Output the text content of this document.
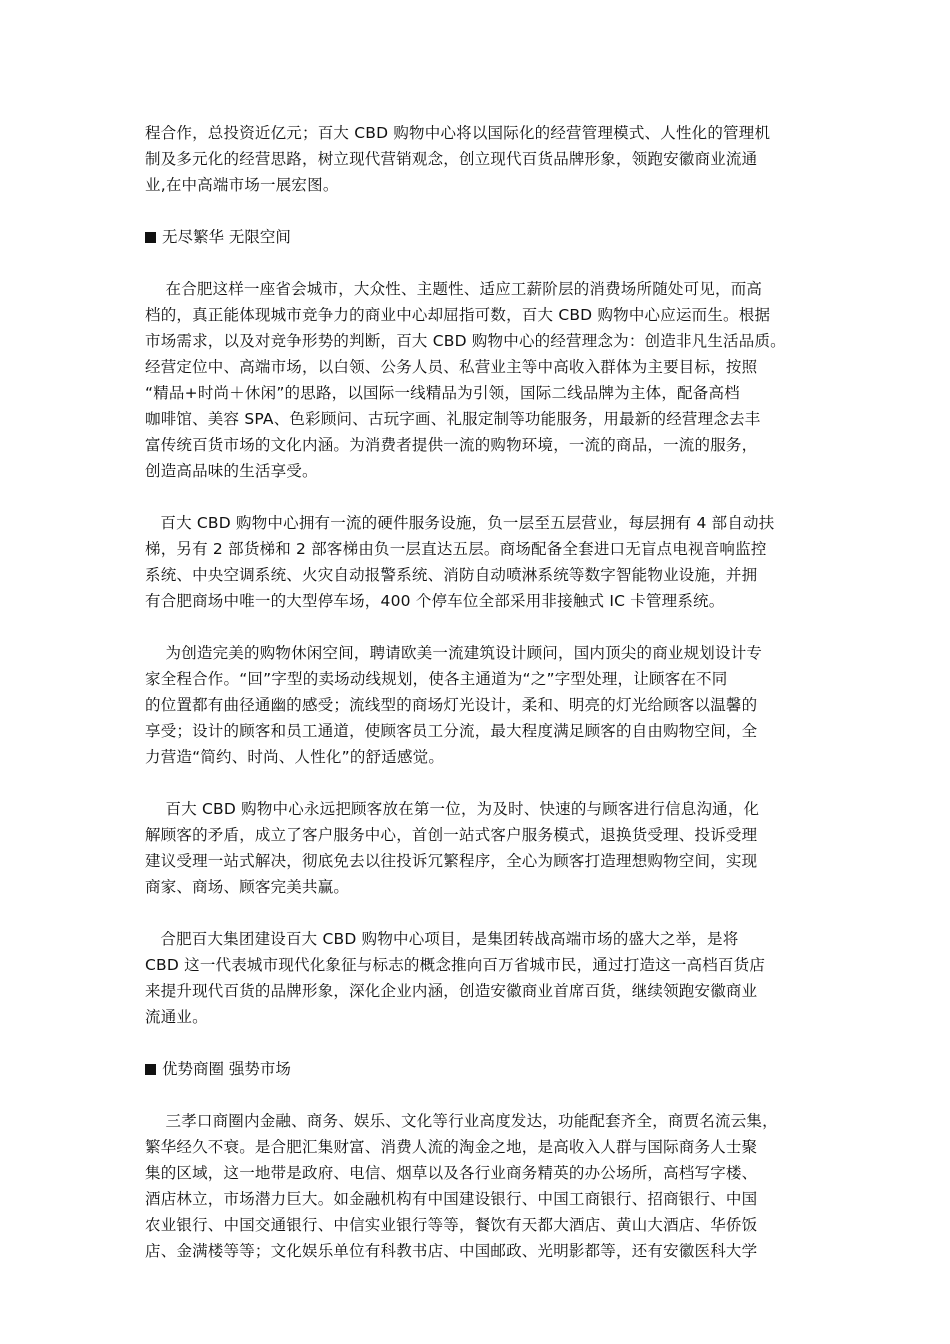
程合作，总投资近亿元；百大 CBD 购物中心将以国际化的经营管理模式、人性化的管理机
制及多元化的经营思路，树立现代营销观念，创立现代百货品牌形象，领跑安徽商业流通
业,在中高端市场一展宏图。
无尽繁华 无限空间
在合肥这样一座省会城市，大众性、主题性、适应工薪阶层的消费场所随处可见，而高
档的，真正能体现城市竞争力的商业中心却屈指可数，百大 CBD 购物中心应运而生。根据
市场需求，以及对竞争形势的判断，百大 CBD 购物中心的经营理念为：创造非凡生活品质。
经营定位中、高端市场，以白领、公务人员、私营业主等中高收入群体为主要目标，按照
“精品+时尚＋休闲”的思路，以国际一线精品为引领，国际二线品牌为主体，配备高档
咖啡馆、美容 SPA、色彩顾问、古玩字画、礼服定制等功能服务，用最新的经营理念去丰
富传统百货市场的文化内涵。为消费者提供一流的购物环境，一流的商品，一流的服务，
创造高品味的生活享受。
百大 CBD 购物中心拥有一流的硬件服务设施，负一层至五层营业，每层拥有 4 部自动扶
梯，另有 2 部货梯和 2 部客梯由负一层直达五层。商场配备全套进口无盲点电视音响监控
系统、中央空调系统、火灾自动报警系统、消防自动喷淋系统等数字智能物业设施，并拥
有合肥商场中唯一的大型停车场，400 个停车位全部采用非接触式 IC 卡管理系统。
为创造完美的购物休闲空间，聘请欧美一流建筑设计顾问，国内顶尖的商业规划设计专
家全程合作。“回”字型的卖场动线规划，使各主通道为“之”字型处理，让顾客在不同
的位置都有曲径通幽的感受；流线型的商场灯光设计，柔和、明亮的灯光给顾客以温馨的
享受；设计的顾客和员工通道，使顾客员工分流，最大程度满足顾客的自由购物空间，全
力营造“简约、时尚、人性化”的舒适感觉。
百大 CBD 购物中心永远把顾客放在第一位，为及时、快速的与顾客进行信息沟通，化
解顾客的矛盾，成立了客户服务中心，首创一站式客户服务模式，退换货受理、投诉受理
建议受理一站式解决，彻底免去以往投诉冗繁程序，全心为顾客打造理想购物空间，实现
商家、商场、顾客完美共赢。
合肥百大集团建设百大 CBD 购物中心项目，是集团转战高端市场的盛大之举，是将
CBD 这一代表城市现代化象征与标志的概念推向百万省城市民，通过打造这一高档百货店
来提升现代百货的品牌形象，深化企业内涵，创造安徽商业首席百货，继续领跑安徽商业
流通业。
优势商圈 强势市场
三孝口商圈内金融、商务、娱乐、文化等行业高度发达，功能配套齐全，商贾名流云集，
繁华经久不衰。是合肥汇集财富、消费人流的淘金之地，是高收入人群与国际商务人士聚
集的区域，这一地带是政府、电信、烟草以及各行业商务精英的办公场所，高档写字楼、
酒店林立，市场潜力巨大。如金融机构有中国建设银行、中国工商银行、招商银行、中国
农业银行、中国交通银行、中信实业银行等等，餐饮有天都大酒店、黄山大酒店、华侨饭
店、金满楼等等；文化娱乐单位有科教书店、中国邮政、光明影都等，还有安徽医科大学
